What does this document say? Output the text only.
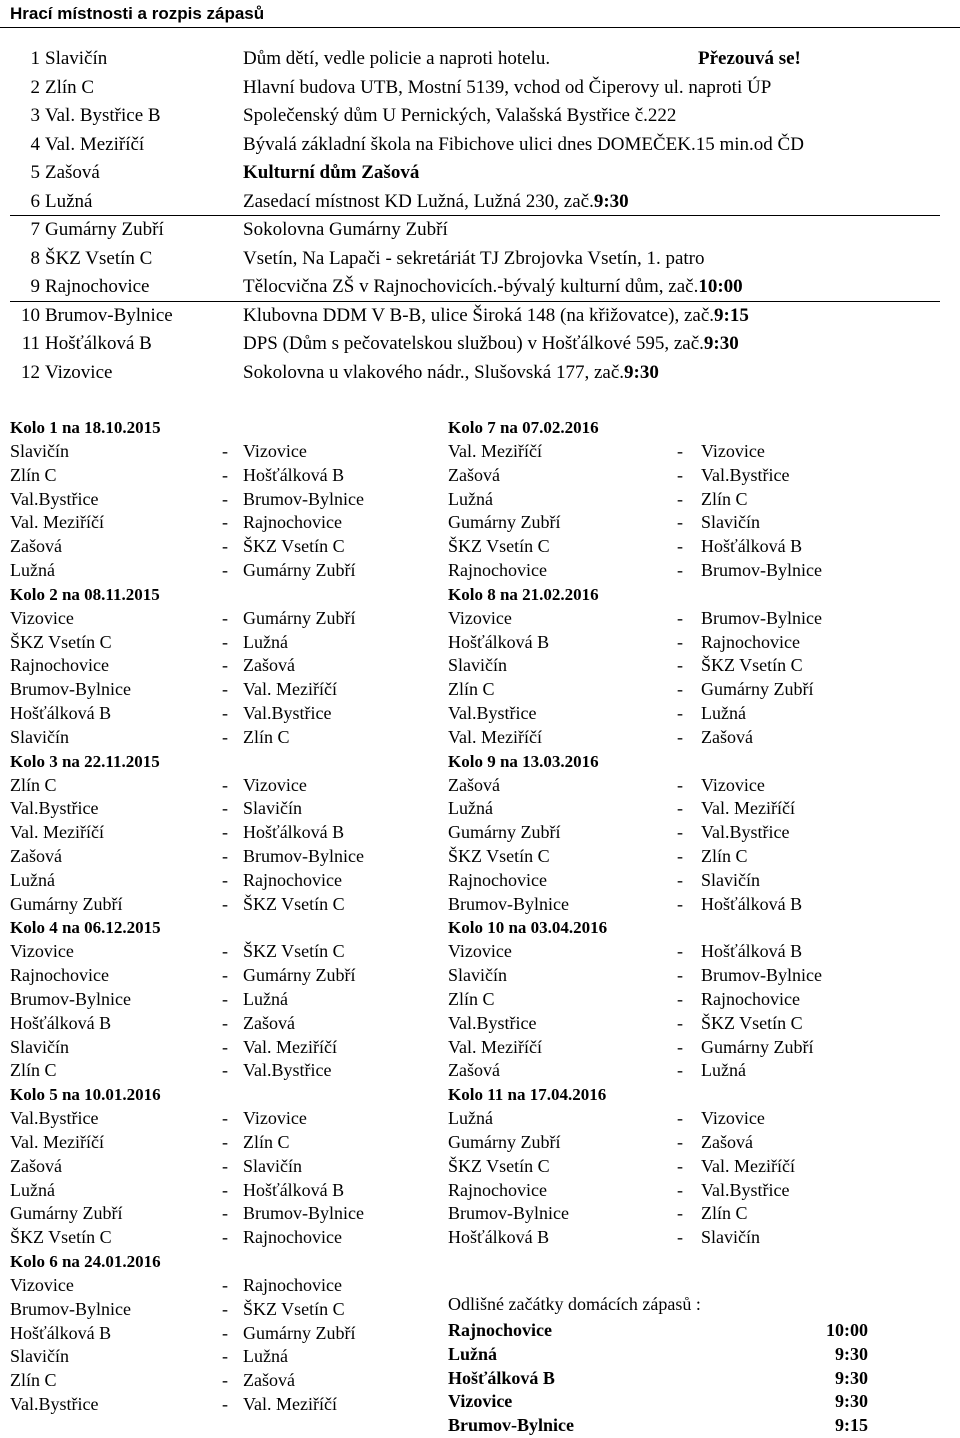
Hrací místnosti a rozpis zápasů
1 Slavičín	Dům dětí, vedle policie a naproti hotelu.	Přezouvá se!
2 Zlín C	Hlavní budova UTB, Mostní 5139, vchod od Čiperovy ul. naproti ÚP
3 Val. Bystřice B	Společenský dům U Pernických, Valašská Bystřice č.222
4 Val. Meziříčí	Bývalá základní škola na Fibichove ulici dnes DOMEČEK.15 min.od ČD
5 Zašová	Kulturní dům Zašová
6 Lužná	Zasedací místnost KD Lužná, Lužná 230, zač.9:30
7 Gumárny Zubří	Sokolovna Gumárny Zubří
8 ŠKZ Vsetín C	Vsetín, Na Lapači - sekretáriát TJ Zbrojovka Vsetín, 1. patro
9 Rajnochovice	Tělocvična ZŠ v Rajnochovicích.-bývalý kulturní dům, zač.10:00
10 Brumov-Bylnice	Klubovna DDM V B-B, ulice Široká 148 (na křižovatce), zač.9:15
11 Hošťálková B	DPS (Dům s pečovatelskou službou) v Hošťálkové 595, zač.9:30
12 Vizovice	Sokolovna u vlakového nádr., Slušovská 177, zač.9:30
Kolo 1 na 18.10.2015
Slavičín	- Vizovice
Zlín C	- Hošťálková B
Val.Bystřice	- Brumov-Bylnice
Val. Meziříčí	- Rajnochovice
Zašová	- ŠKZ Vsetín C
Lužná	- Gumárny Zubří
Kolo 2 na 08.11.2015
Vizovice	- Gumárny Zubří
ŠKZ Vsetín C	- Lužná
Rajnochovice	- Zašová
Brumov-Bylnice	- Val. Meziříčí
Hošťálková B	- Val.Bystřice
Slavičín	- Zlín C
Kolo 3 na 22.11.2015
Zlín C	- Vizovice
Val.Bystřice	- Slavičín
Val. Meziříčí	- Hošťálková B
Zašová	- Brumov-Bylnice
Lužná	- Rajnochovice
Gumárny Zubří	- ŠKZ Vsetín C
Kolo 4 na 06.12.2015
Vizovice	- ŠKZ Vsetín C
Rajnochovice	- Gumárny Zubří
Brumov-Bylnice	- Lužná
Hošťálková B	- Zašová
Slavičín	- Val. Meziříčí
Zlín C	- Val.Bystřice
Kolo 5 na 10.01.2016
Val.Bystřice	- Vizovice
Val. Meziříčí	- Zlín C
Zašová	- Slavičín
Lužná	- Hošťálková B
Gumárny Zubří	- Brumov-Bylnice
ŠKZ Vsetín C	- Rajnochovice
Kolo 6 na 24.01.2016
Vizovice	- Rajnochovice
Brumov-Bylnice	- ŠKZ Vsetín C
Hošťálková B	- Gumárny Zubří
Slavičín	- Lužná
Zlín C	- Zašová
Val.Bystřice	- Val. Meziříčí
Kolo 7 na 07.02.2016
Val. Meziříčí	- Vizovice
Zašová	- Val.Bystřice
Lužná	- Zlín C
Gumárny Zubří	- Slavičín
ŠKZ Vsetín C	- Hošťálková B
Rajnochovice	- Brumov-Bylnice
Kolo 8 na 21.02.2016
Vizovice	- Brumov-Bylnice
Hošťálková B	- Rajnochovice
Slavičín	- ŠKZ Vsetín C
Zlín C	- Gumárny Zubří
Val.Bystřice	- Lužná
Val. Meziříčí	- Zašová
Kolo 9 na 13.03.2016
Zašová	- Vizovice
Lužná	- Val. Meziříčí
Gumárny Zubří	- Val.Bystřice
ŠKZ Vsetín C	- Zlín C
Rajnochovice	- Slavičín
Brumov-Bylnice	- Hošťálková B
Kolo 10 na 03.04.2016
Vizovice	- Hošťálková B
Slavičín	- Brumov-Bylnice
Zlín C	- Rajnochovice
Val.Bystřice	- ŠKZ Vsetín C
Val. Meziříčí	- Gumárny Zubří
Zašová	- Lužná
Kolo 11 na 17.04.2016
Lužná	- Vizovice
Gumárny Zubří	- Zašová
ŠKZ Vsetín C	- Val. Meziříčí
Rajnochovice	- Val.Bystřice
Brumov-Bylnice	- Zlín C
Hošťálková B	- Slavičín
Odlišné začátky domácích zápasů :
Rajnochovice	10:00
Lužná	9:30
Hošťálková B	9:30
Vizovice	9:30
Brumov-Bylnice	9:15
